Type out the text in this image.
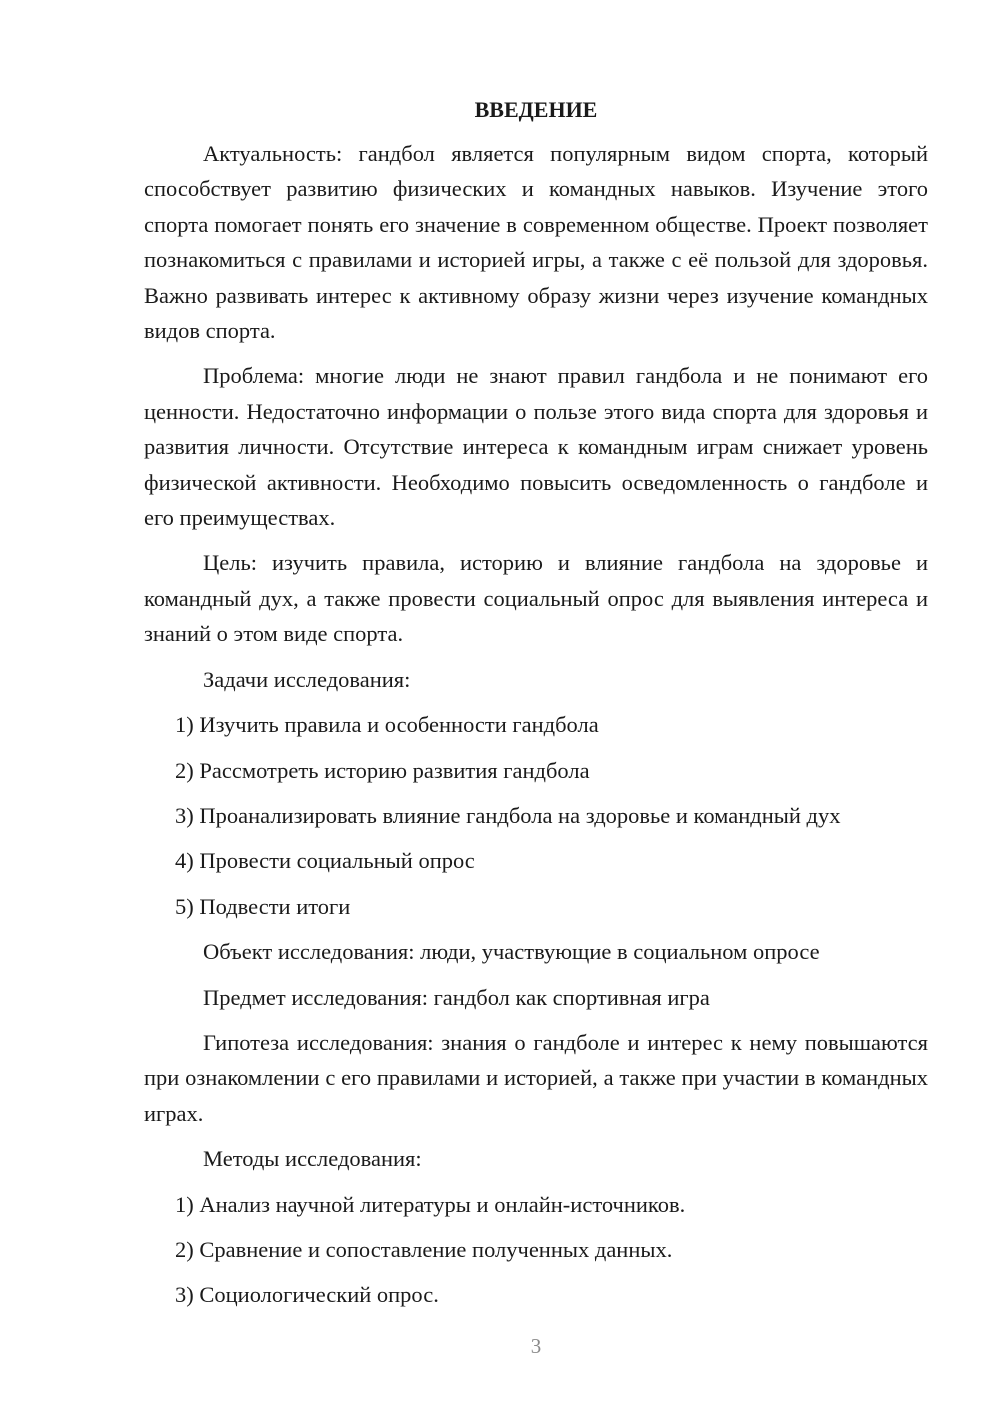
ВВЕДЕНИЕ

Актуальность: гандбол является популярным видом спорта, который способствует развитию физических и командных навыков. Изучение этого спорта помогает понять его значение в современном обществе. Проект позволяет познакомиться с правилами и историей игры, а также с её пользой для здоровья. Важно развивать интерес к активному образу жизни через изучение командных видов спорта.

Проблема: многие люди не знают правил гандбола и не понимают его ценности. Недостаточно информации о пользе этого вида спорта для здоровья и развития личности. Отсутствие интереса к командным играм снижает уровень физической активности. Необходимо повысить осведомленность о гандболе и его преимуществах.

Цель: изучить правила, историю и влияние гандбола на здоровье и командный дух, а также провести социальный опрос для выявления интереса и знаний о этом виде спорта.

Задачи исследования:
1) Изучить правила и особенности гандбола
2) Рассмотреть историю развития гандбола
3) Проанализировать влияние гандбола на здоровье и командный дух
4) Провести социальный опрос
5) Подвести итоги
Объект исследования: люди, участвующие в социальном опросе
Предмет исследования: гандбол как спортивная игра

Гипотеза исследования: знания о гандболе и интерес к нему повышаются при ознакомлении с его правилами и историей, а также при участии в командных играх.

Методы исследования:
1) Анализ научной литературы и онлайн-источников.
2) Сравнение и сопоставление полученных данных.
3) Социологический опрос.
3
